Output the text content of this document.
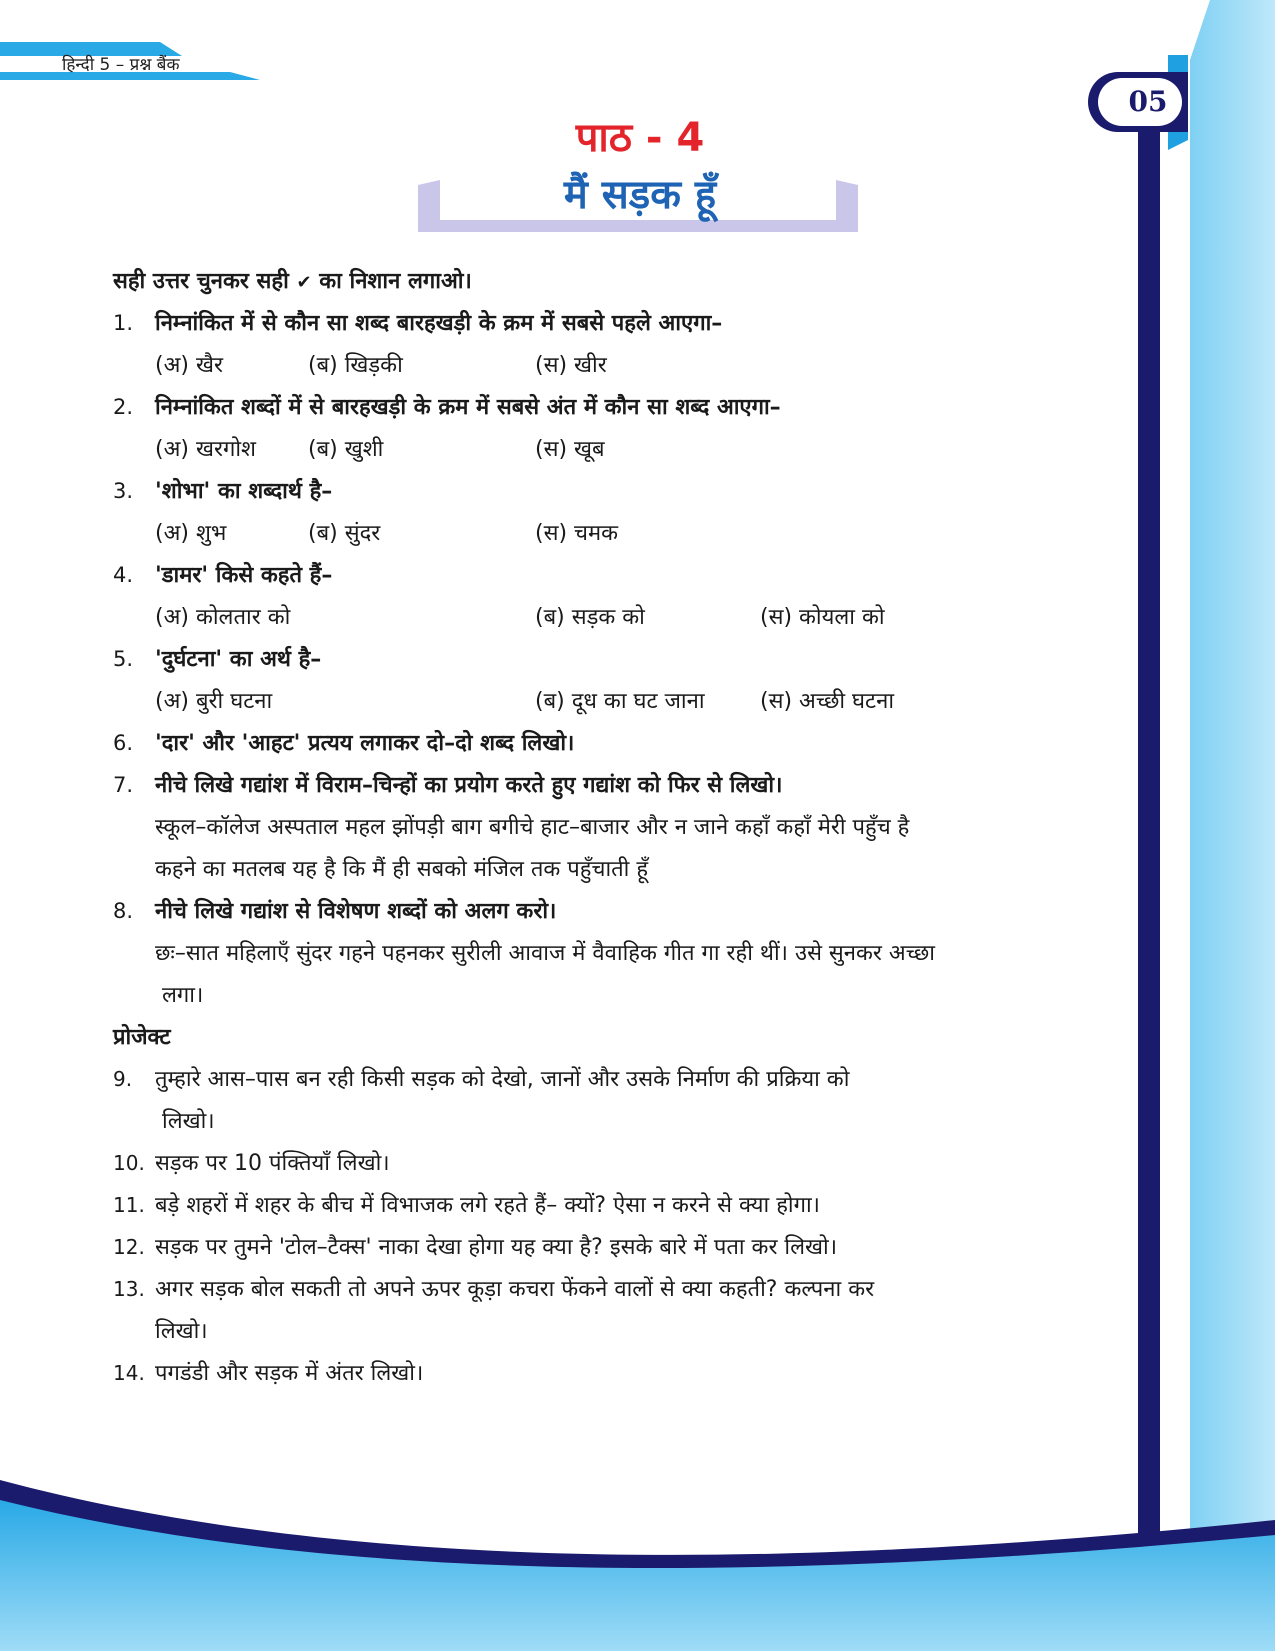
हिन्दी 5 – प्रश्न बैंक
05
पाठ - 4
मैं सड़क हूँ
सही उत्तर चुनकर सही ✔ का निशान लगाओ।
1. निम्नांकित में से कौन सा शब्द बारहखड़ी के क्रम में सबसे पहले आएगा–
(अ) खैर	(ब) खिड़की	(स) खीर
2. निम्नांकित शब्दों में से बारहखड़ी के क्रम में सबसे अंत में कौन सा शब्द आएगा–
(अ) खरगोश (ब) खुशी	(स) खूब
3. 'शोभा' का शब्दार्थ है–
(अ) शुभ	(ब) सुंदर	(स) चमक
4. 'डामर' किसे कहते हैं–
(अ) कोलतार को	(ब) सड़क को	(स) कोयला को
5. 'दुर्घटना' का अर्थ है–
(अ) बुरी घटना	(ब) दूध का घट जाना	(स) अच्छी घटना
6. 'दार' और 'आहट' प्रत्यय लगाकर दो–दो शब्द लिखो।
7. नीचे लिखे गद्यांश में विराम–चिन्हों का प्रयोग करते हुए गद्यांश को फिर से लिखो।
स्कूल–कॉलेज अस्पताल महल झोंपड़ी बाग बगीचे हाट–बाजार और न जाने कहाँ कहाँ मेरी पहुँच है
कहने का मतलब यह है कि मैं ही सबको मंजिल तक पहुँचाती हूँ
8. नीचे लिखे गद्यांश से विशेषण शब्दों को अलग करो।
छः–सात महिलाएँ सुंदर गहने पहनकर सुरीली आवाज में वैवाहिक गीत गा रही थीं। उसे सुनकर अच्छा
लगा।
प्रोजेक्ट
9. तुम्हारे आस–पास बन रही किसी सड़क को देखो, जानों और उसके निर्माण की प्रक्रिया को
लिखो।
10. सड़क पर 10 पंक्तियाँ लिखो।
11. बड़े शहरों में शहर के बीच में विभाजक लगे रहते हैं– क्यों? ऐसा न करने से क्या होगा।
12. सड़क पर तुमने 'टोल–टैक्स' नाका देखा होगा यह क्या है? इसके बारे में पता कर लिखो।
13. अगर सड़क बोल सकती तो अपने ऊपर कूड़ा कचरा फेंकने वालों से क्या कहती? कल्पना कर
लिखो।
14. पगडंडी और सड़क में अंतर लिखो।
